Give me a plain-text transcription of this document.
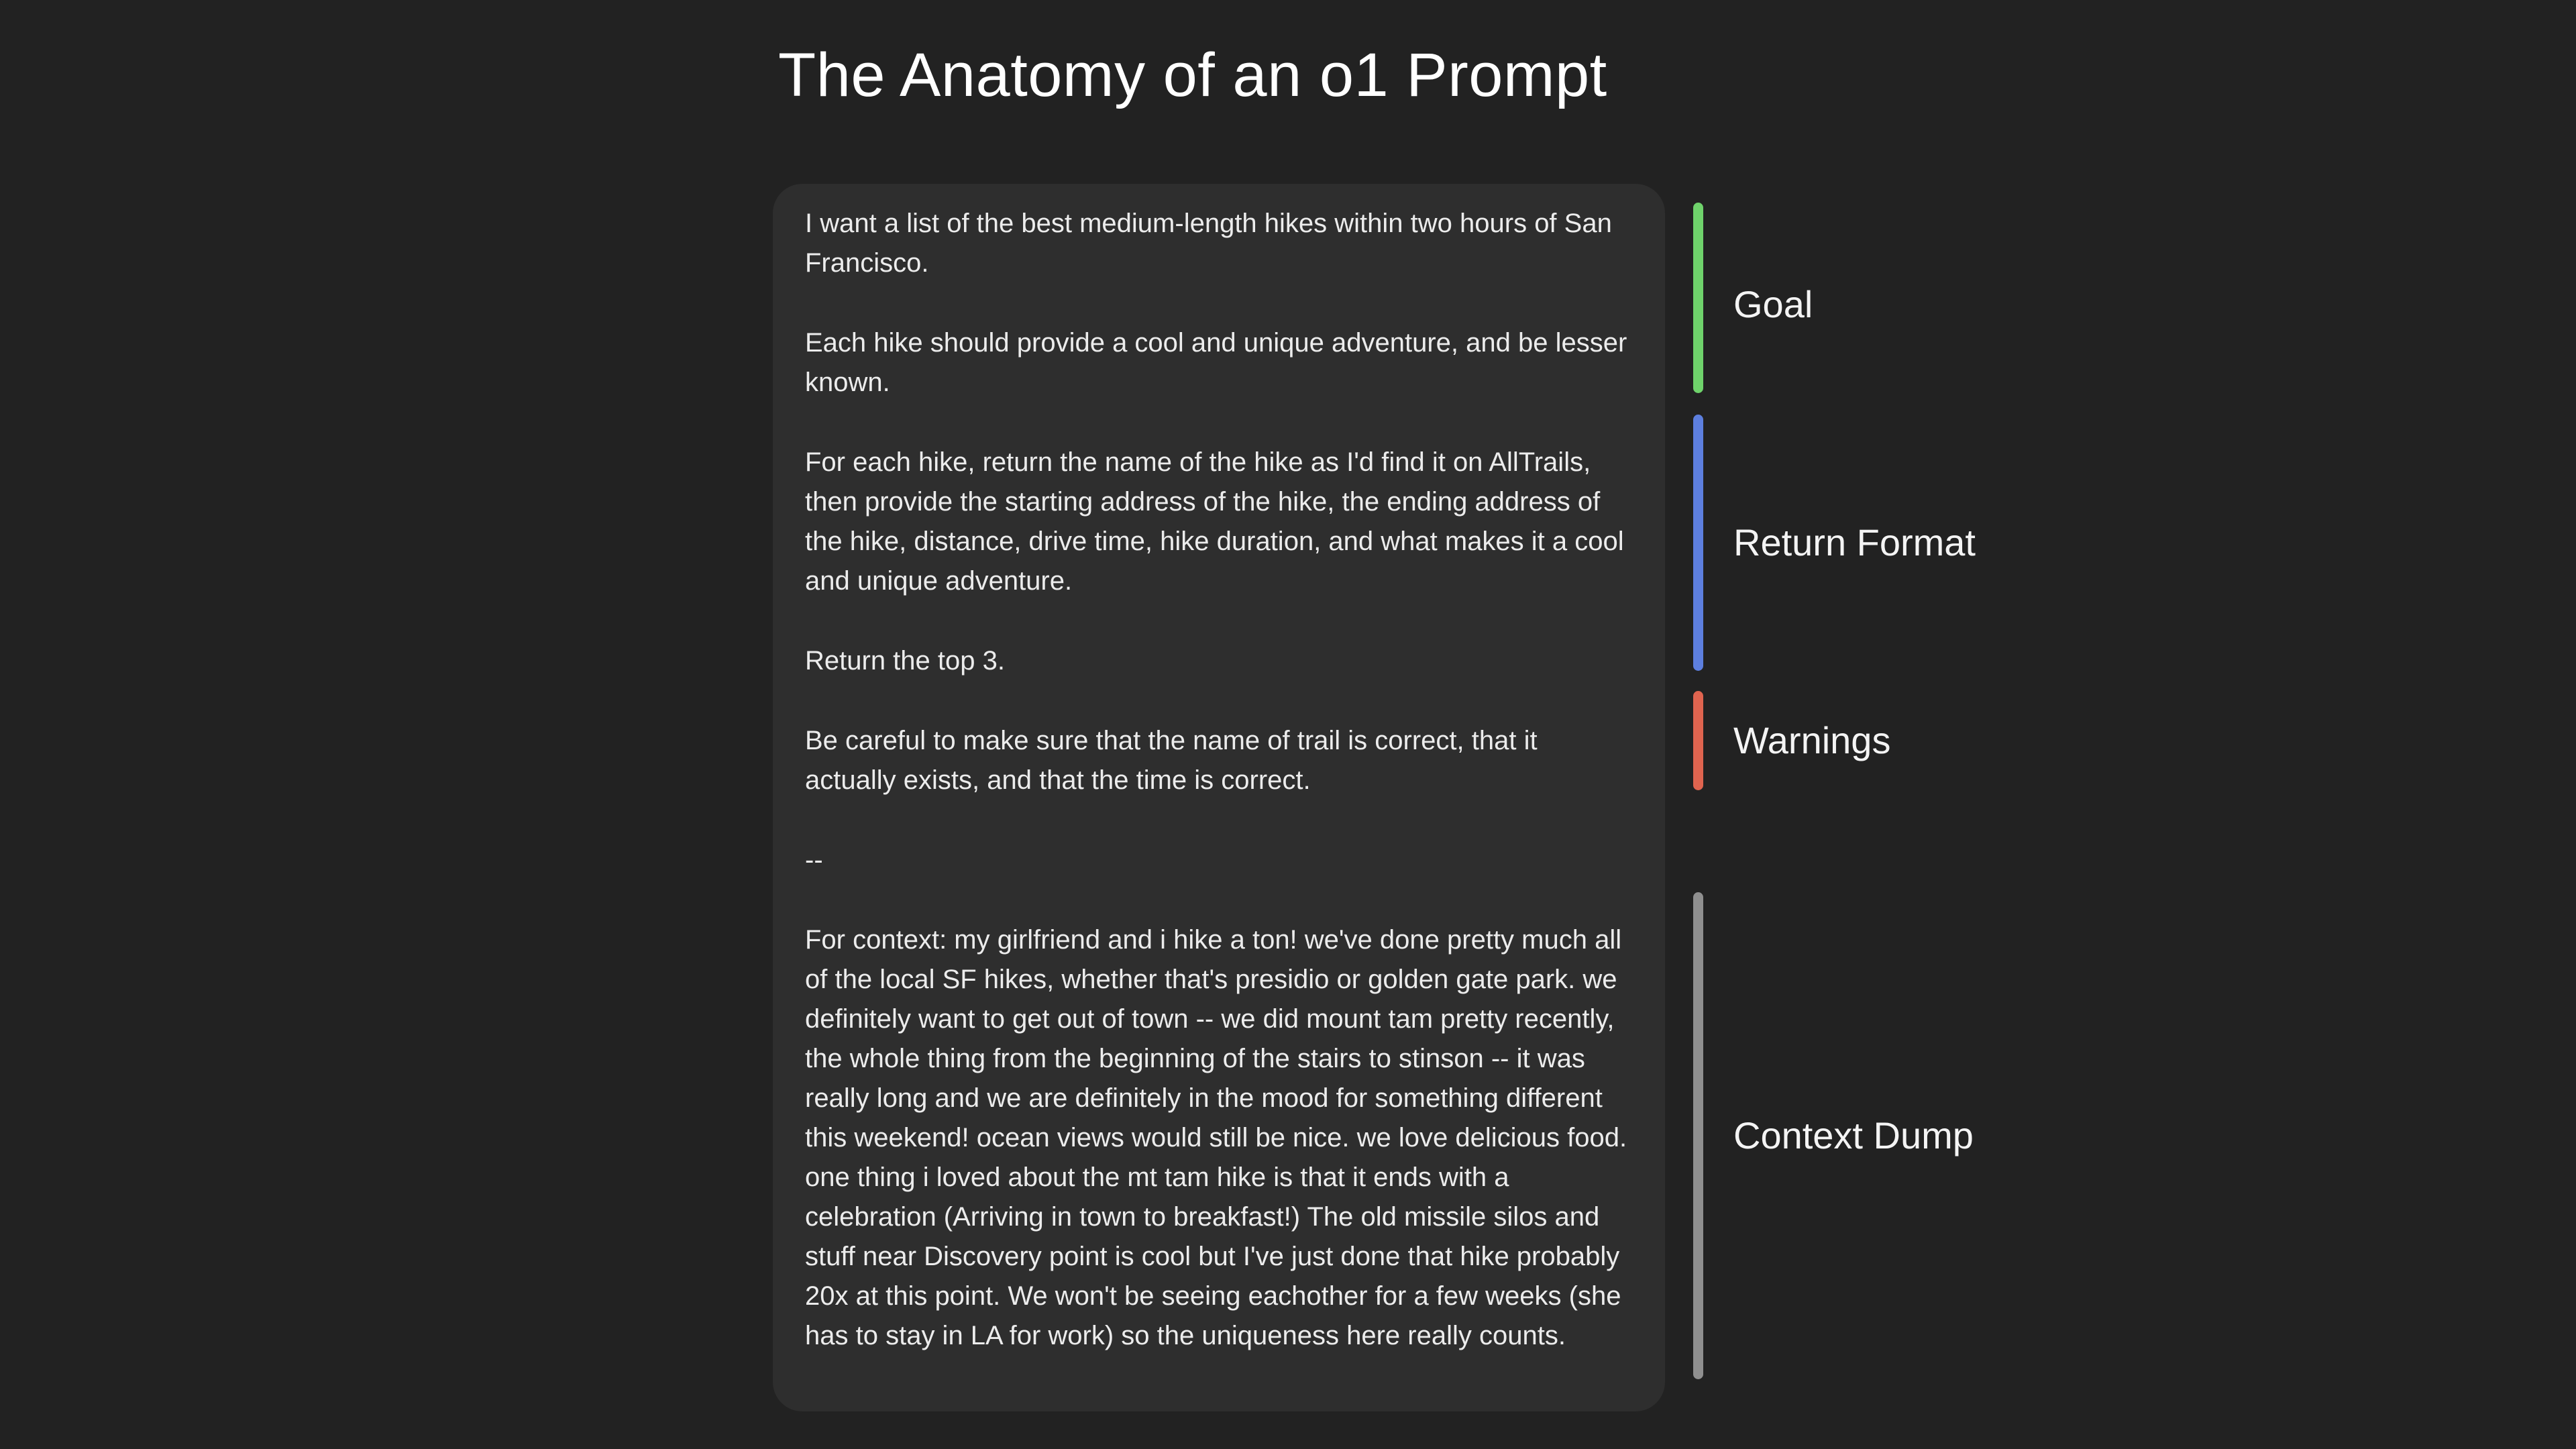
The Anatomy of an o1 Prompt

I want a list of the best medium-length hikes within two hours of San Francisco.

Each hike should provide a cool and unique adventure, and be lesser known.

For each hike, return the name of the hike as I'd find it on AllTrails, then provide the starting address of the hike, the ending address of the hike, distance, drive time, hike duration, and what makes it a cool and unique adventure.

Return the top 3.

Be careful to make sure that the name of trail is correct, that it actually exists, and that the time is correct.

--

For context: my girlfriend and i hike a ton! we've done pretty much all of the local SF hikes, whether that's presidio or golden gate park. we definitely want to get out of town -- we did mount tam pretty recently, the whole thing from the beginning of the stairs to stinson -- it was really long and we are definitely in the mood for something different this weekend! ocean views would still be nice. we love delicious food. one thing i loved about the mt tam hike is that it ends with a celebration (Arriving in town to breakfast!) The old missile silos and stuff near Discovery point is cool but I've just done that hike probably 20x at this point. We won't be seeing eachother for a few weeks (she has to stay in LA for work) so the uniqueness here really counts.

Goal
Return Format
Warnings
Context Dump
